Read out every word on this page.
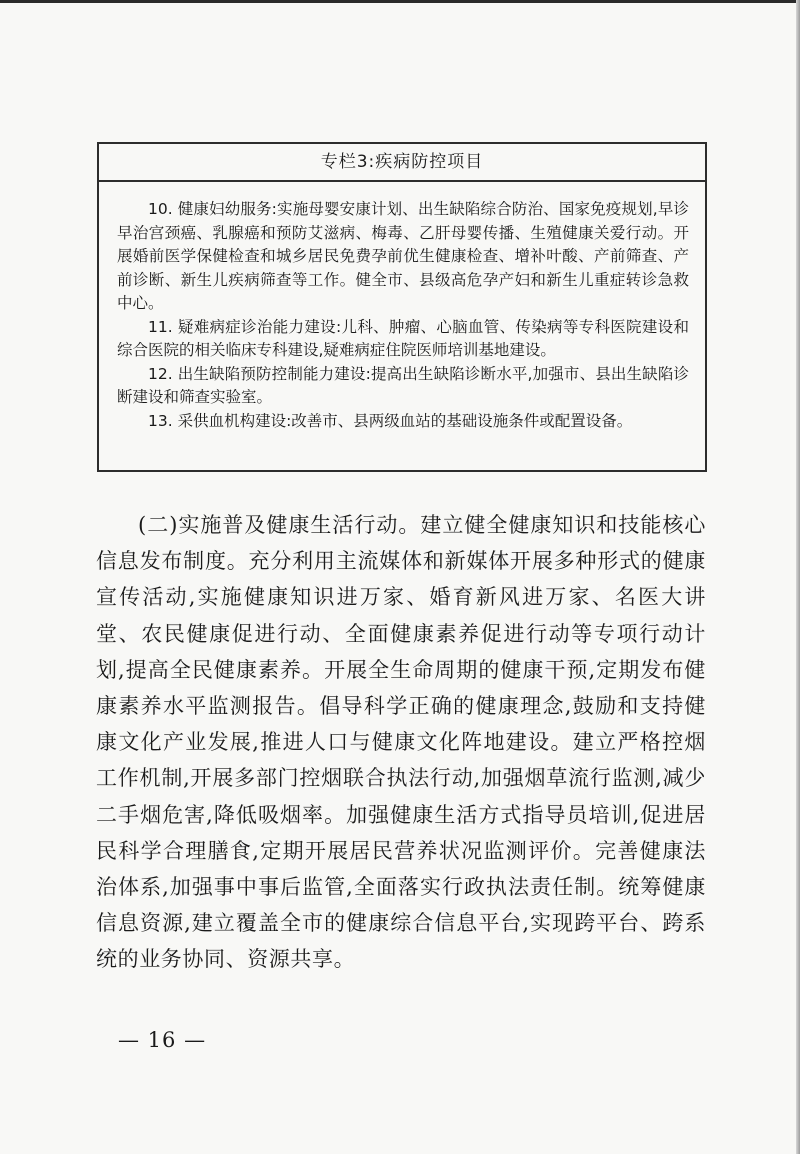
专栏3:疾病防控项目

10. 健康妇幼服务:实施母婴安康计划、出生缺陷综合防治、国家免疫规划,早诊早治宫颈癌、乳腺癌和预防艾滋病、梅毒、乙肝母婴传播、生殖健康关爱行动。开展婚前医学保健检查和城乡居民免费孕前优生健康检查、增补叶酸、产前筛查、产前诊断、新生儿疾病筛查等工作。健全市、县级高危孕产妇和新生儿重症转诊急救中心。

11. 疑难病症诊治能力建设:儿科、肿瘤、心脑血管、传染病等专科医院建设和综合医院的相关临床专科建设,疑难病症住院医师培训基地建设。

12. 出生缺陷预防控制能力建设:提高出生缺陷诊断水平,加强市、县出生缺陷诊断建设和筛查实验室。

13. 采供血机构建设:改善市、县两级血站的基础设施条件或配置设备。

(二)实施普及健康生活行动。建立健全健康知识和技能核心信息发布制度。充分利用主流媒体和新媒体开展多种形式的健康宣传活动,实施健康知识进万家、婚育新风进万家、名医大讲堂、农民健康促进行动、全面健康素养促进行动等专项行动计划,提高全民健康素养。开展全生命周期的健康干预,定期发布健康素养水平监测报告。倡导科学正确的健康理念,鼓励和支持健康文化产业发展,推进人口与健康文化阵地建设。建立严格控烟工作机制,开展多部门控烟联合执法行动,加强烟草流行监测,减少二手烟危害,降低吸烟率。加强健康生活方式指导员培训,促进居民科学合理膳食,定期开展居民营养状况监测评价。完善健康法治体系,加强事中事后监管,全面落实行政执法责任制。统筹健康信息资源,建立覆盖全市的健康综合信息平台,实现跨平台、跨系统的业务协同、资源共享。
— 16 —
